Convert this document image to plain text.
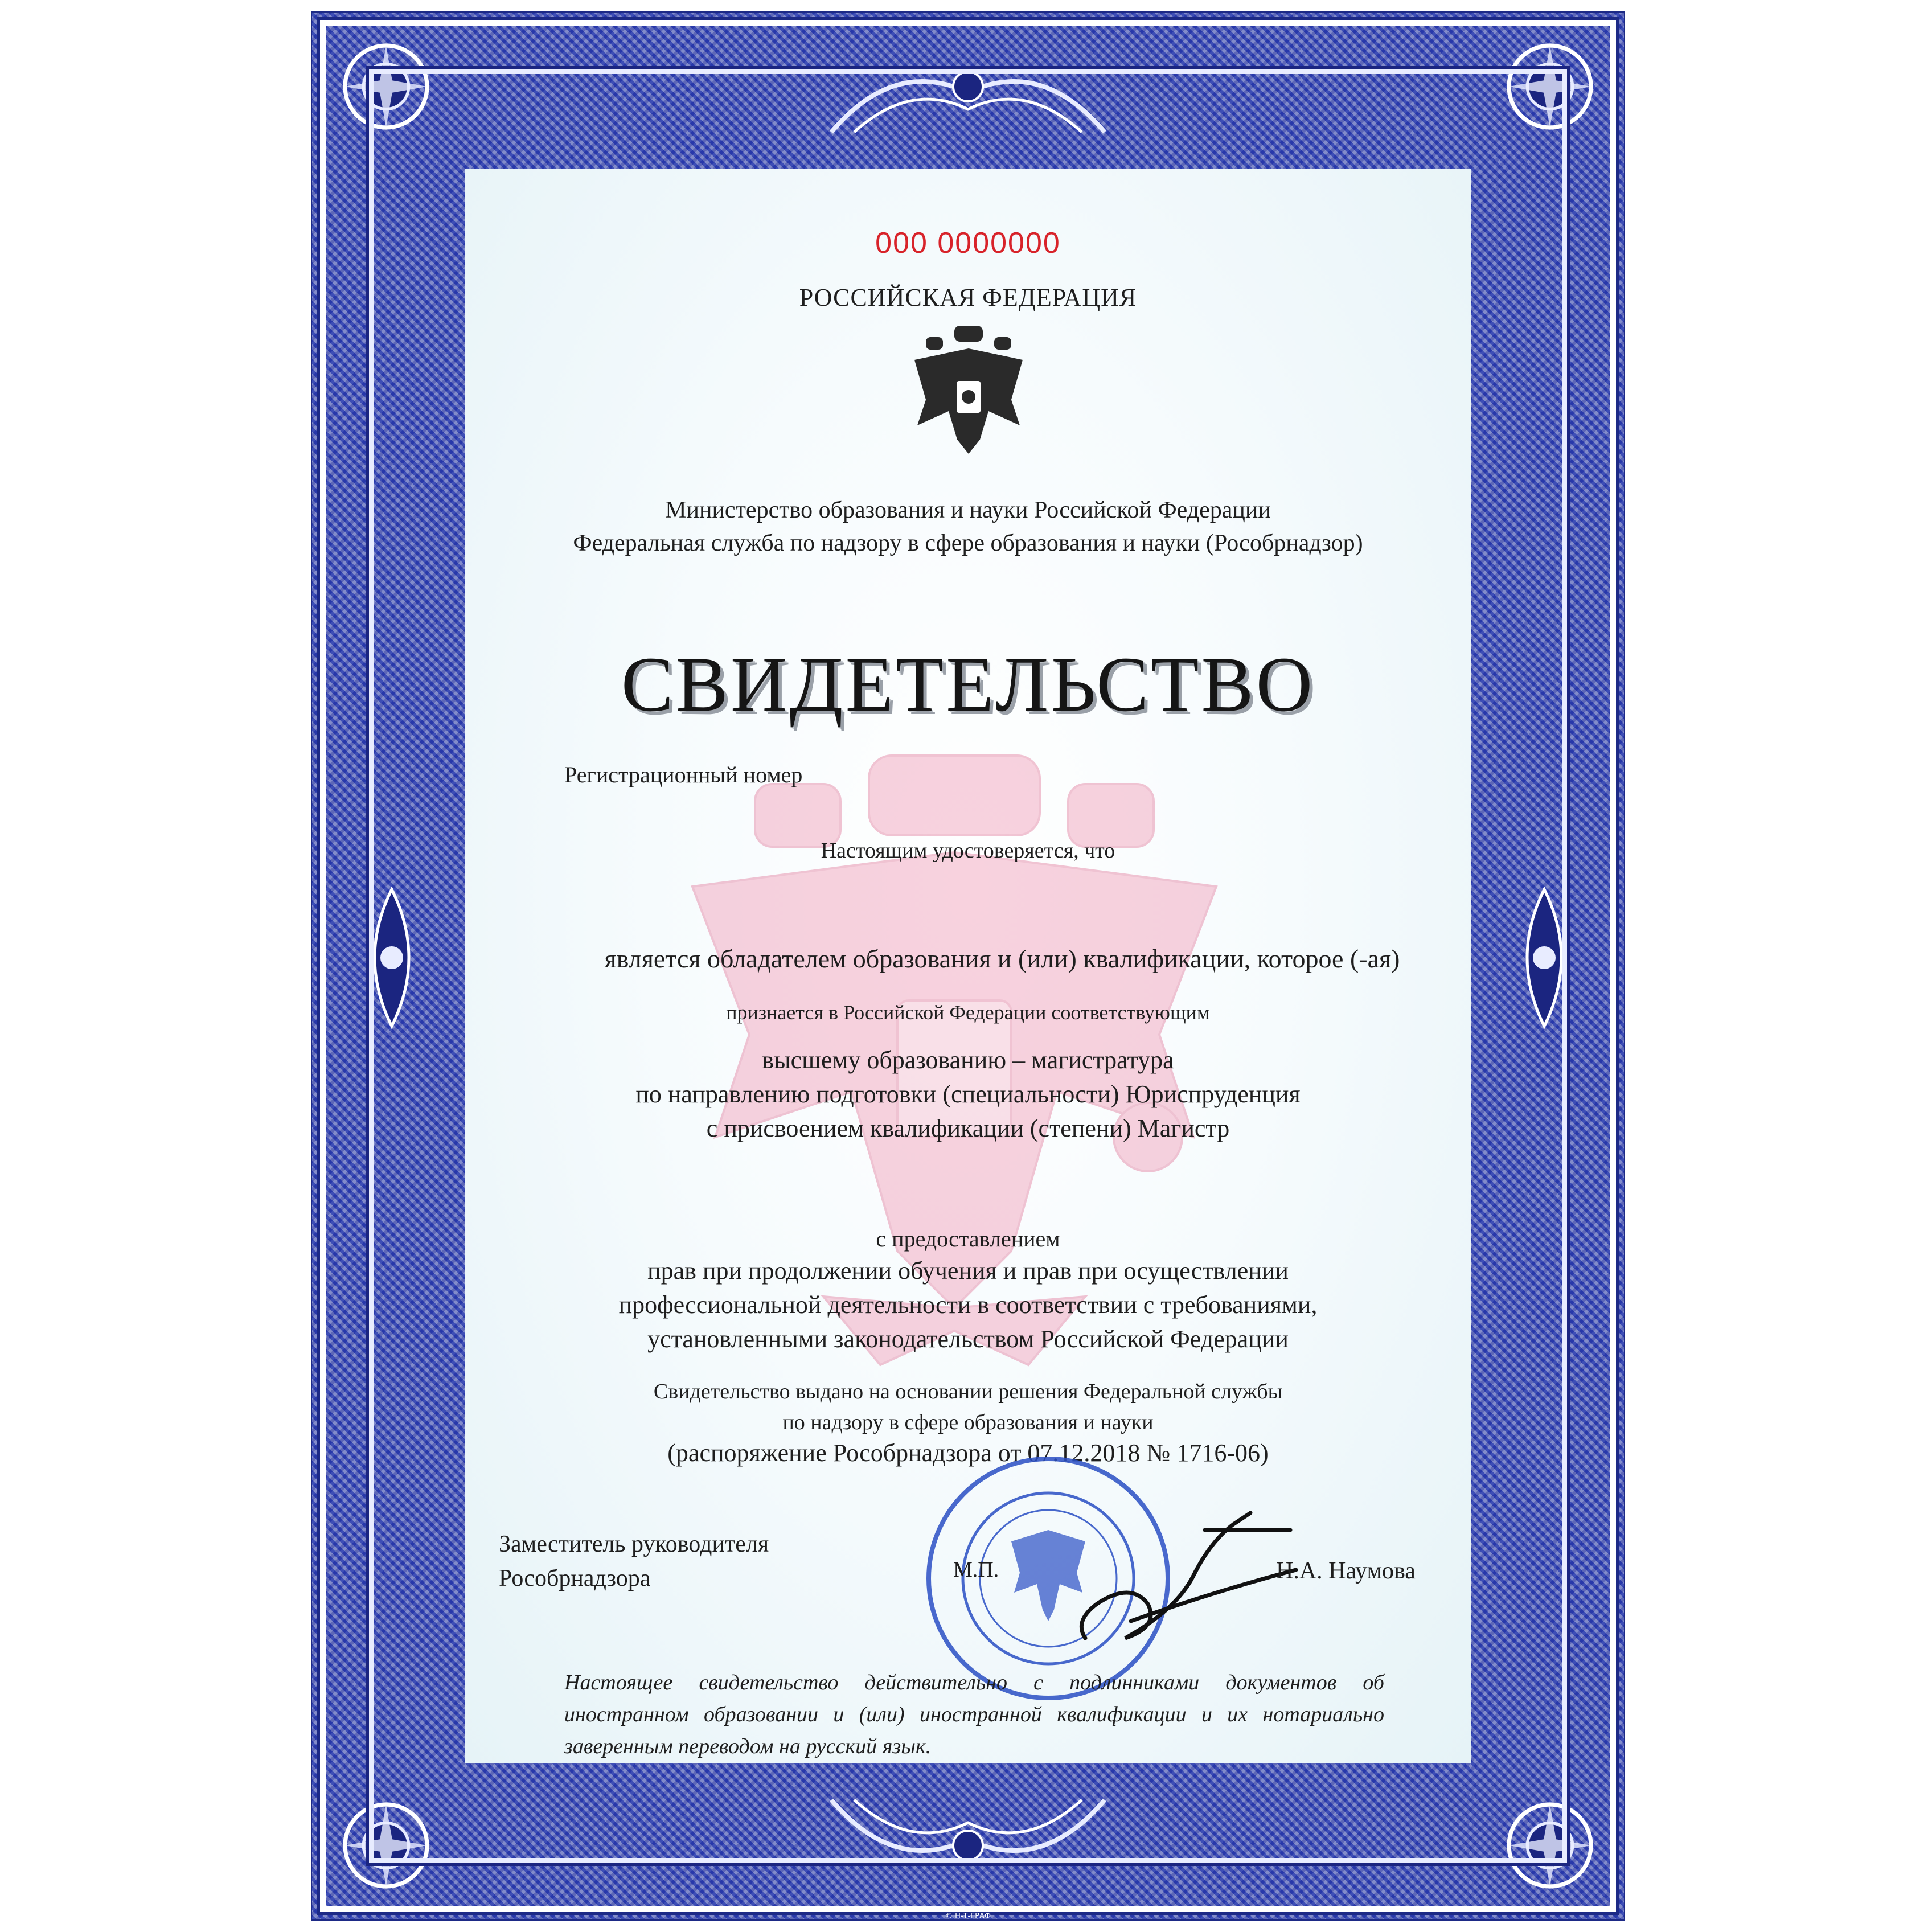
000 0000000
РОССИЙСКАЯ ФЕДЕРАЦИЯ
Министерство образования и науки Российской Федерации
Федеральная служба по надзору в сфере образования и науки (Рособрнадзор)
СВИДЕТЕЛЬСТВО
Регистрационный номер
Настоящим удостоверяется, что
является обладателем образования и (или) квалификации, которое (-ая)
признается в Российской Федерации соответствующим
высшему образованию – магистратура
по направлению подготовки (специальности) Юриспруденция
с присвоением квалификации (степени) Магистр
с предоставлением
прав при продолжении обучения и прав при осуществлении
профессиональной деятельности в соответствии с требованиями,
установленными законодательством Российской Федерации
Свидетельство выдано на основании решения Федеральной службы
по надзору в сфере образования и науки
(распоряжение Рособрнадзора от 07.12.2018 № 1716-06)
Заместитель руководителя
Рособрнадзора	М.П.	Н.А. Наумова
Настоящее свидетельство действительно с подлинниками документов об иностранном образовании и (или) иностранной квалификации и их нотариально заверенным переводом на русский язык.
© Н-Т-ГРАФ
